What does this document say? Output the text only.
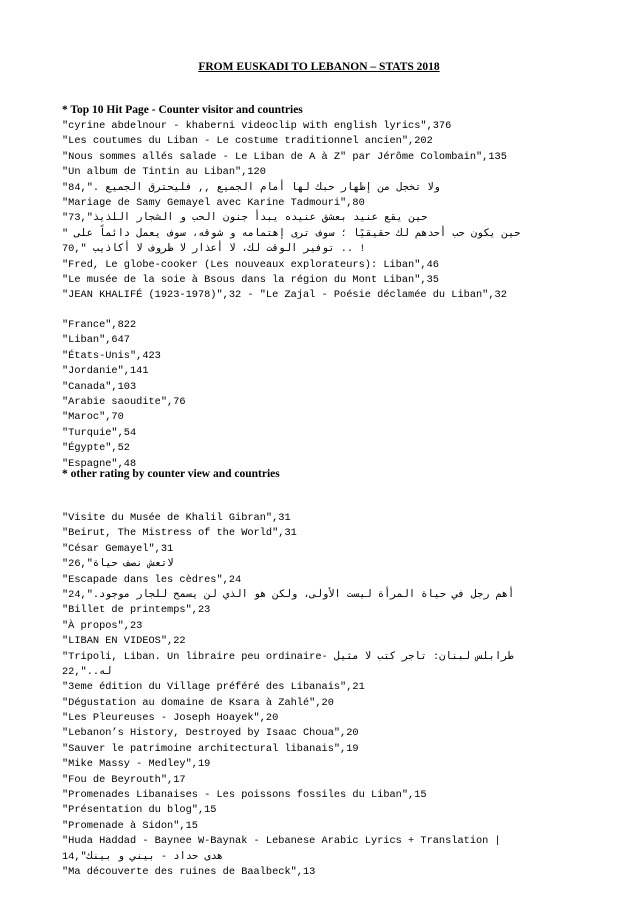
FROM EUSKADI TO LEBANON – STATS 2018
* Top 10 Hit Page - Counter visitor and countries
"cyrine abdelnour - khaberni videoclip with english lyrics",376
"Les coutumes du Liban - Le costume traditionnel ancien",202
"Nous sommes allés salade - Le Liban de A à Z" par Jérôme Colombain",135
"Un album de Tintin au Liban",120
"84,". ولا تخجل من إظهار حبك لها أمام الجميع ,, فليحترق الجميع
"Mariage de Samy Gemayel avec Karine Tadmouri",80
"73,"حين يقع عنيد بعشق عنيده يبدأ جنون الحب و الشجار اللذيذ
" حين يكون حب أحدهم لك حقيقيًا ؛ سوف ترى إهتمامه و شوقه، سوف يعمل دائماً على
70," توفير الوقت لك، لا أعذار لا ظروف لا أكاذيب .. !
"Fred, Le globe-cooker (Les nouveaux explorateurs): Liban",46
"Le musée de la soie à Bsous dans la région du Mont Liban",35
"JEAN KHALIFÉ (1923-1978)",32 - "Le Zajal - Poésie déclamée du Liban",32
"France",822
"Liban",647
"États-Unis",423
"Jordanie",141
"Canada",103
"Arabie saoudite",76
"Maroc",70
"Turquie",54
"Égypte",52
"Espagne",48
* other rating by counter view and countries
"Visite du Musée de Khalil Gibran",31
"Beirut, The Mistress of the World",31
"César Gemayel",31
"26,"لاتعش نصف حياة
"Escapade dans les cèdres",24
"24,".أهم رجل في حياة المرأة ليست الأولى، ولكن هو الذي لن يسمح للجار موجود
"Billet de printemps",23
"À propos",23
"LIBAN EN VIDEOS",22
"Tripoli, Liban. Un libraire peu ordinaire- طرابلس لبنان: تاجر كتب لا مثيل
22,"..له
"3eme édition du Village préféré des Libanais",21
"Dégustation au domaine de Ksara à Zahlé",20
"Les Pleureuses - Joseph Hoayek",20
"Lebanon’s History, Destroyed by Isaac Choua",20
"Sauver le patrimoine architectural libanais",19
"Mike Massy - Medley",19
"Fou de Beyrouth",17
"Promenades Libanaises - Les poissons fossiles du Liban",15
"Présentation du blog",15
"Promenade à Sidon",15
"Huda Haddad - Baynee W-Baynak - Lebanese Arabic Lyrics + Translation |
14,"هدى حداد - بيني و بينك
"Ma découverte des ruines de Baalbeck",13
